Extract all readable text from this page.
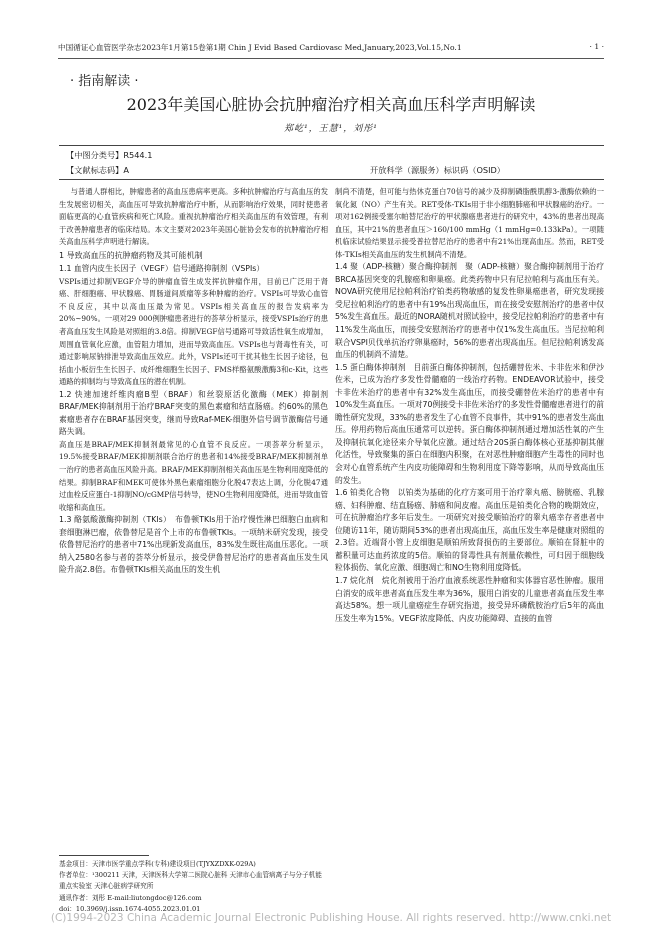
中国循证心血管医学杂志2023年1月第15卷第1期 Chin J Evid Based Cardiovasc Med,January,2023,Vol.15,No.1	· 1 ·
· 指南解读 ·
2023年美国心脏协会抗肿瘤治疗相关高血压科学声明解读
郑屹¹，王慧¹，刘彤¹
【中图分类号】R544.1
【文献标志码】A	开放科学（源服务）标识码（OSID）

与普通人群相比，肿瘤患者的高血压患病率更高。多种抗肿瘤治疗与高血压的发生发展密切相关，高血压可导致抗肿瘤治疗中断，从而影响治疗效果，同时使患者面临更高的心血管疾病和死亡风险。重视抗肿瘤治疗相关高血压的有效管理，有利于改善肿瘤患者的临床结局。本文主要对2023年美国心脏协会发布的抗肿瘤治疗相关高血压科学声明进行解读。

1 导致高血压的抗肿瘤药物及其可能机制

1.1 血管内皮生长因子（VEGF）信号通路抑制剂（VSPIs）

VSPIs通过抑制VEGF介导的肿瘤血管生成发挥抗肿瘤作用，目前已广泛用于肾癌、肝细胞癌、甲状腺癌、胃肠道间质瘤等多种肿瘤的治疗。VSPIs可导致心血管不良反应，其中以高血压最为常见。VSPIs相关高血压的报告发病率为20%~90%。一项对29 000例肿瘤患者进行的荟萃分析显示，接受VSPIs治疗的患者高血压发生风险是对照组的3.8倍。抑制VEGF信号通路可导致活性氧生成增加，周围血管氧化应激，血管阻力增加，进而导致高血压。VSPIs也与肾毒性有关，可通过影响尿钠排泄导致高血压效应。此外，VSPIs还可干扰其他生长因子途径，包括血小板衍生生长因子、成纤维细胞生长因子、FMS样酪氨酸激酶3和c-Kit，这些通路的抑制均与导致高血压的潜在机制。

1.2 快速加速纤维肉瘤B型（BRAF）和丝裂原活化激酶（MEK）抑制剂　BRAF/MEK抑制剂用于治疗BRAF突变的黑色素瘤和结直肠癌。约60%的黑色素瘤患者存在BRAF基因突变，继而导致Raf-MEK-细胞外信号调节激酶信号通路失调。

高血压是BRAF/MEK抑制剂最常见的心血管不良反应。一项荟萃分析显示，19.5%接受BRAF/MEK抑制剂联合治疗的患者和14%接受BRAF/MEK抑制剂单一治疗的患者高血压风险升高。BRAF/MEK抑制剂相关高血压是生物利用度降低的结果。抑制BRAF和MEK可使体外黑色素瘤细胞分化脱47表达上调，分化脱47通过血栓反应蛋白-1抑制NO/cGMP信号转导，使NO生物利用度降低，进而导致血管收缩和高血压。

1.3 酪氨酸激酶抑制剂（TKIs）　布鲁顿TKIs用于治疗慢性淋巴细胞白血病和套细胞淋巴瘤，依鲁替尼是首个上市的布鲁顿TKIs。一项纳米研究发现，接受依鲁替尼治疗的患者中71%出现新发高血压，83%发生既往高血压恶化。一项纳入2580名参与者的荟萃分析显示，接受伊鲁替尼治疗的患者高血压发生风险升高2.8倍。布鲁顿TKIs相关高血压的发生机

制尚不清楚，但可能与热休克蛋白70信号的减少及抑制磷脂酰肌醇3-激酶依赖的一氧化氮（NO）产生有关。RET受体-TKIs用于非小细胞肺癌和甲状腺癌的治疗。一项对162例接受塞尔帕替尼治疗的甲状腺癌患者进行的研究中，43%的患者出现高血压，其中21%的患者血压＞160/100 mmHg（1 mmHg=0.133kPa）。一项随机临床试验结果显示接受普拉替尼治疗的患者中有21%出现高血压。然而，RET受体-TKIs相关高血压的发生机制尚不清楚。

1.4 聚（ADP-核糖）聚合酶抑制剂　聚（ADP-核糖）聚合酶抑制剂用于治疗BRCA基因突变的乳腺癌和卵巢癌。此类药物中只有尼拉帕利与高血压有关。NOVA研究使用尼拉帕利治疗铂类药物敏感的复发性卵巢癌患者，研究发现接受尼拉帕利治疗的患者中有19%出现高血压，而在接受安慰剂治疗的患者中仅5%发生高血压。最近的NORA随机对照试验中，接受尼拉帕利治疗的患者中有11%发生高血压，而接受安慰剂治疗的患者中仅1%发生高血压。当尼拉帕利联合VSPI贝伐单抗治疗卵巢癌时，56%的患者出现高血压。但尼拉帕利诱发高血压的机制尚不清楚。

1.5 蛋白酶体抑制剂　目前蛋白酶体抑制剂，包括硼替佐米、卡非佐米和伊沙佐米，已成为治疗多发性骨髓瘤的一线治疗药物。ENDEAVOR试验中，接受卡非佐米治疗的患者中有32%发生高血压，而接受硼替佐米治疗的患者中有10%发生高血压。一项对70例接受卡非佐米治疗的多发性骨髓瘤患者进行的前瞻性研究发现，33%的患者发生了心血管不良事件，其中91%的患者发生高血压。停用药物后高血压通常可以逆转。蛋白酶体抑制剂通过增加活性氧的产生及抑制抗氧化途径来介导氧化应激。通过结合20S蛋白酶体核心亚基抑制其催化活性，导致聚集的蛋白在细胞内积聚，在对恶性肿瘤细胞产生毒性的同时也会对心血管系统产生内皮功能障碍和生物利用度下降等影响，从而导致高血压的发生。

1.6 铂类化合物　以铂类为基础的化疗方案可用于治疗睾丸癌、膀胱癌、乳腺癌、妇科肿瘤、结直肠癌、肺癌和间皮瘤。高血压是铂类化合物的晚期效应，可在抗肿瘤治疗多年后发生。一项研究对接受顺铂治疗的睾丸癌幸存者患者中位随访11年，随访期间53%的患者出现高血压，高血压发生率是健康对照组的2.3倍。近端肾小管上皮细胞是顺铂所致肾损伤的主要部位。顺铂在肾脏中的蓄积量可达血药浓度的5倍。顺铂的肾毒性具有剂量依赖性，可归因于细胞线粒体损伤、氧化应激、细胞凋亡和NO生物利用度降低。

1.7 烷化剂　烷化剂被用于治疗血液系统恶性肿瘤和实体器官恶性肿瘤。服用白消安的成年患者高血压发生率为36%，服用白消安的儿童患者高血压发生率高达58%。想一项儿童癌症生存研究指道，接受异环磷酰胺治疗后5年的高血压发生率为15%。VEGF浓度降低、内皮功能障碍、直接的血管

基金项目：天津市医学重点学科(专科)建设项目(TJYXZDXK-029A)
作者单位：¹300211 天津，天津医科大学第二医院心脏科 天津市心血管病离子与分子机能重点实验室 天津心脏病学研究所
通讯作者：刘彤 E-mail:liutongdoc@126.com
doi：10.3969/j.issn.1674-4055.2023.01.01
(C)1994-2023 China Academic Journal Electronic Publishing House. All rights reserved. http://www.cnki.net
